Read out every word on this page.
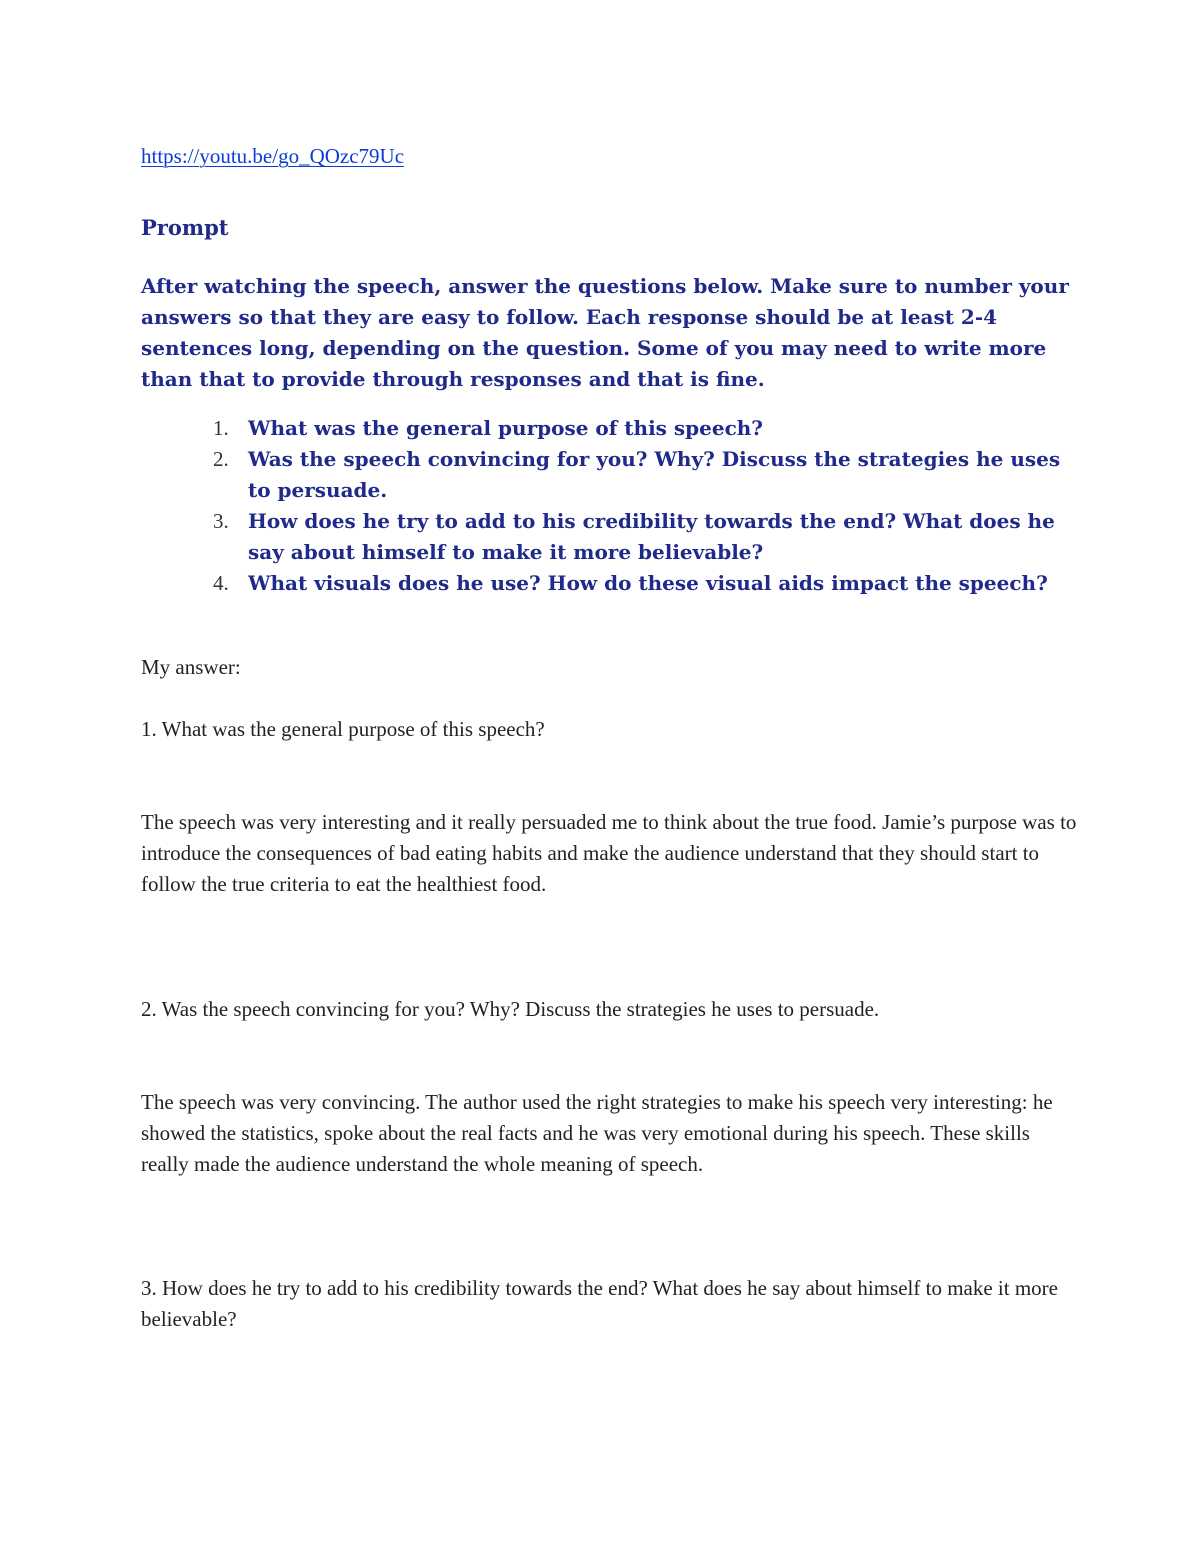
https://youtu.be/go_QOzc79Uc
Prompt

After watching the speech, answer the questions below. Make sure to number your answers so that they are easy to follow. Each response should be at least 2-4 sentences long, depending on the question. Some of you may need to write more than that to provide through responses and that is fine.

1. What was the general purpose of this speech?
2. Was the speech convincing for you? Why? Discuss the strategies he uses to persuade.
3. How does he try to add to his credibility towards the end? What does he say about himself to make it more believable?
4. What visuals does he use? How do these visual aids impact the speech?

My answer:

1. What was the general purpose of this speech?

The speech was very interesting and it really persuaded me to think about the true food. Jamie’s purpose was to introduce the consequences of bad eating habits and make the audience understand that they should start to follow the true criteria to eat the healthiest food.

2. Was the speech convincing for you? Why? Discuss the strategies he uses to persuade.

The speech was very convincing. The author used the right strategies to make his speech very interesting: he showed the statistics, spoke about the real facts and he was very emotional during his speech. These skills really made the audience understand the whole meaning of speech.

3. How does he try to add to his credibility towards the end? What does he say about himself to make it more believable?
